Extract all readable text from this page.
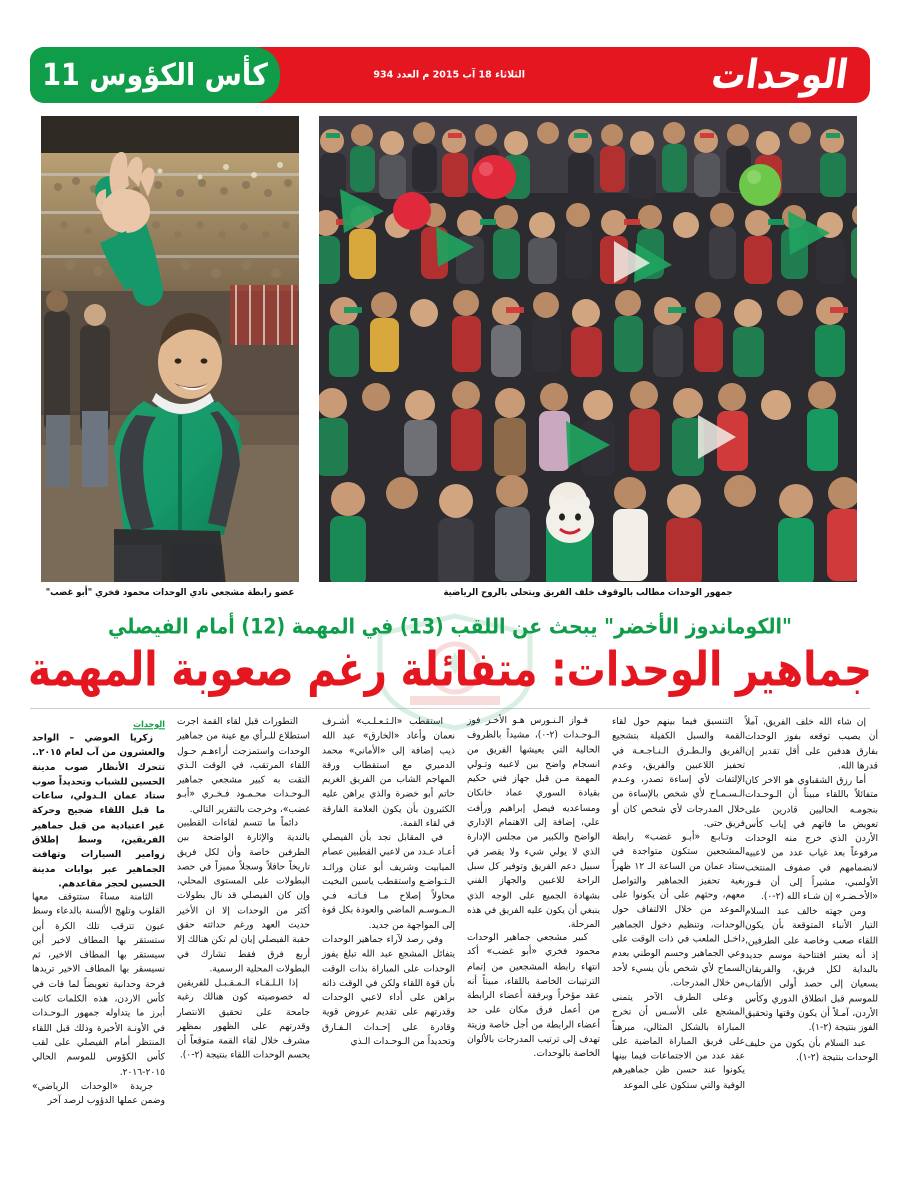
كأس الكؤوس 11	الثلاثاء 18 آب 2015 م العدد 934	الوحدات
عضو رابطة مشجعي نادي الوحدات محمود فخري "أبو غضب"	جمهور الوحدات مطالب بالوقوف خلف الفريق ويتحلى بالروح الرياضية
"الكوماندوز الأخضر" يبحث عن اللقب (13) في المهمة (12) أمام الفيصلي
جماهير الوحدات: متفائلة رغم صعوبة المهمة
الوحدات

زكريا العوضي – الواحد والعشرون من آب لعام ٢٠١٥.. تتحرك الأنظار صوب مدينة الحسين للشباب وتحديداً صوب ستاد عمان الـدولي، ساعات ما قبل اللقاء ضجيج وحركة غير اعتيادية من قبل جماهير الفريقين، وسط إطلاق زوامير السيارات وتهافت الجماهير عبر بوابات مدينة الحسين لحجز مقاعدهم.

الثامنة مساءً ستتوقف معها القلوب وتلهج الألسنة بالدعاء وسط عيون تترقب تلك الكرة أين ستستقر بها المطاف لاخير أين سيستقر بها المطاف الاخير، ثم نسيسقر بها المطاف الاخير تريدها فرحة وحدانية تعويضاً لما فات في كأس الاردن، هذه الكلمات كانت أبرز ما يتداوله جمهور الـوحـدات في الأونـة الأخيرة وذلك قبل اللقاء المنتظر أمام الفيصلي على لقب كأس الكؤوس للموسم الحالي ٢٠١٥-٢٠١٦.

جريدة «الوحدات الرياضي» وضمن عملها الدؤوب لرصد آخر

التطورات قبل لقاء القمة اجرت استطلاع للـرأي مع عينة من جماهير الوحدات واستمزجت أراءهـم حـول اللقاء المرتقب، في الوقت الـذي التقت به كبير مشجعي جماهير الـوحـدات محـمـود فـخـري «أبـو غضب»، وخرجت بالتقرير التالي.

دائماً ما تتسم لقاءات القطبين بالندية والإثارة الواضحة بين الطرفين خاصة وأن لكل فريق تاريخاً حافلاً وسجلاً مميزاً في حصد البطولات على المستوى المحلي، وإن كان الفيصلي قد نال بطولات أكثر من الوحدات إلا ان الأخير حديث العهد ورغم حداثته حقق حقبة الفيصلي إيان لم تكن هنالك إلا أربع فرق فقط تشارك في البطولات المحلية الرسمية.

إذا الـلـقـاء الـمـقـبـل للفريقين له خصوصيته كون هنالك رغبة جامحة على تحقيق الانتصار وقدرتهم على الظهور بمظهر مشرف خلال لقاء القمة متوقعاً أن يحسم الوحدات اللقاء بنتيجة (٢-٠).

استقطب «الـثـعـلـب» أشـرف نعمان وأعاد «الخارق» عبد الله ذيب إضافة إلى «الأماني» محمد الدميري مع استقطاب ورقة المهاجم الشاب من الفريق الغريم حاتم أبو خضرة والذي يراهن عليه الكثيرون بأن يكون العلامة الفارقة في لقاء القمة.

في المقابل نجد بأن الفيصلي أعـاد عـدد من لاعبي القطبين عصام الميابيت وشريف أبو عنان ورائـد الـتـواضـع واستقطب ياسين البخيت محاولاً إصلاح مـا فـاتـه فـي الـمـوسـم الماضي والعودة بكل قوة إلى المواجهة من جديد.

وفي رصد لآراء جماهير الوحدات يتفائل المشجع عبد الله تبلغ يفوز الوحدات على المباراة بذات الوقت بأن قوة اللقاء ولكن في الوقت ذاته براهن على أداء لاعبي الوحدات وقدرتهم على تقديم عروض قوية وقادرة على إحـداث الـفـارق وتحديداً من الـوحـدات الـذي

فـواز الـنـورس هـو الأخـر فوز الـوحـدات (٢-٠)، مشيداً بالظروف الحالية التي يعيشها الفريق من انسجام واضح بين لاعبيه وتـولي المهمة مـن قبل جهاز فني حكيم بقيادة السوري عماد خانكان ومساعديه فيصل إبراهيم ورأفت علي، إضافة إلى الاهتمام الإداري الواضح والكبير من مجلس الإدارة الذي لا يولي شيء ولا يقصر في سبيل دعم الفريق وتوفير كل سبل الراحة للاعبين والجهاز الفني بشهادة الجميع على الوجه الذي ينبغي أن يكون عليه الفريق في هذه المرحلة.

كبير مشجعي جماهير الوحدات محمود فخري «أبو غضب» أكد انتهاء رابطة المشجعين من إتمام الترتيبات الخاصة باللقاء، مبيناً أنه عقد مؤخراً وبرفقة أعضاء الرابطة من أعمل فرق مكان على حد أعضاء الرابطة من أجل خاصة وزيتة تهدف إلى ترتيب المدرجات بالألوان الخاصة بالوحدات.

التنسيق فيما بينهم حول لقاء القمة والسبل الكفيلة بتشجيع الفريق والـطـرق الـنـاجـعـة في تحفيز اللاعبين والفريق، وعدم الإلتفات لأي إساءة تصدر، وعـدم الـسـمـاح لأي شخص بالإساءة من خلال المدرجات لأي شخص كان أو فريق حتى.

وتـابـع «أبـو غضب» رابطة المشجعين ستكون متواجدة في ستاد عمان من الساعة الـ ١٢ ظهراً بغية تحفيز الجماهير والتواصل معهم، وحثهم على أن يكونوا على الموعد من خلال الالتفاف حول الوحدات، وتنظيم دخول الجماهير داخـل الملعب في ذات الوقت على وعي الجماهير وحسم الوطني بعدم السماح لأي شخص بأن يسيء لأحد من خلال المدرجات.

وعلى الطرف الآخر يتمنى المشجع على الأسـس أن تخرج المباراة بالشكل المثالي، مبرهناً على فريق المباراة الماضية على عقد عدد من الاجتماعات فيما بينها يكونوا عند حسن ظن جماهيرهم الوفية والتي ستكون على الموعد

إن شاء الله خلف الفريق، آملاً أن يصيب توقعه بفوز الوحدات بفارق هدفين على أقل تقدير إن قدرها الله.

أما رزق الشقباوي هو الاخر كان متفائلاً باللقاء مبيناً أن الـوحـدات بنجومـه الحاليين قادرين على تعويض ما فاتهم في إياب كأس الأردن الذي خرج منه الوحدات مرفوعاً بعد غياب عدد من لاعبيه لانضمامهم في صفوف المنتخب الأولمبي، مشيراً إلى أن فـوز «الأخـضـر» إن شـاء الله (٢-٠).

ومن جهته خالف عبد السلام التيار الأنباء المتوقعة بأن يكون اللقاء صعب وخاصة على الطرفين، إذ أنه يعتبر افتتاحية موسم جديد بالبداية لكل فريق، والفريقان يسعيان إلى حصد أولى الألقاب للموسم قبل انطلاق الدوري وكأس الأردن، آمـلاً أن يكون وقتها وتحقيق الفوز بنتيجة (٢-١).

عبد السلام بأن يكون من حليف الوحدات بنتيجة (٢-١).
